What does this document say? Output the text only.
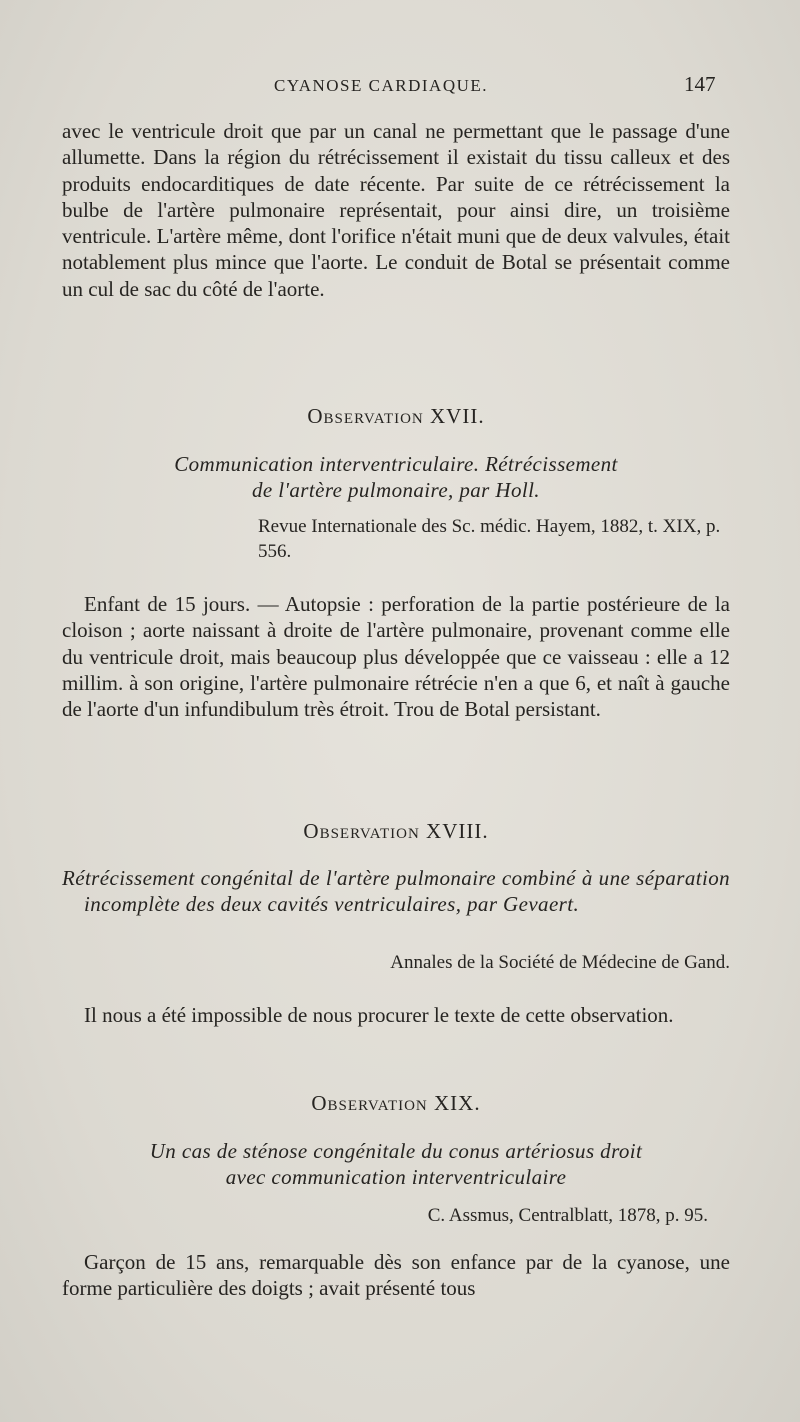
CYANOSE CARDIAQUE.	147

avec le ventricule droit que par un canal ne permettant que le passage d'une allumette. Dans la région du rétrécissement il existait du tissu calleux et des produits endocarditiques de date récente. Par suite de ce rétrécissement la bulbe de l'artère pulmonaire représentait, pour ainsi dire, un troisième ventricule. L'artère même, dont l'orifice n'était muni que de deux valvules, était notablement plus mince que l'aorte. Le conduit de Botal se présentait comme un cul de sac du côté de l'aorte.

Observation XVII.

Communication interventriculaire. Rétrécissement

de l'artère pulmonaire, par Holl.

Revue Internationale des Sc. médic. Hayem, 1882, t. XIX, p. 556.

Enfant de 15 jours. — Autopsie : perforation de la partie postérieure de la cloison ; aorte naissant à droite de l'artère pulmonaire, provenant comme elle du ventricule droit, mais beaucoup plus développée que ce vaisseau : elle a 12 millim. à son origine, l'artère pulmonaire rétrécie n'en a que 6, et naît à gauche de l'aorte d'un infundibulum très étroit. Trou de Botal persistant.

Observation XVIII.

Rétrécissement congénital de l'artère pulmonaire combiné à une séparation incomplète des deux cavités ventriculaires, par Gevaert.

Annales de la Société de Médecine de Gand.

Il nous a été impossible de nous procurer le texte de cette observation.

Observation XIX.

Un cas de sténose congénitale du conus artériosus droit

avec communication interventriculaire

C. Assmus, Centralblatt, 1878, p. 95.

Garçon de 15 ans, remarquable dès son enfance par de la cyanose, une forme particulière des doigts ; avait présenté tous
